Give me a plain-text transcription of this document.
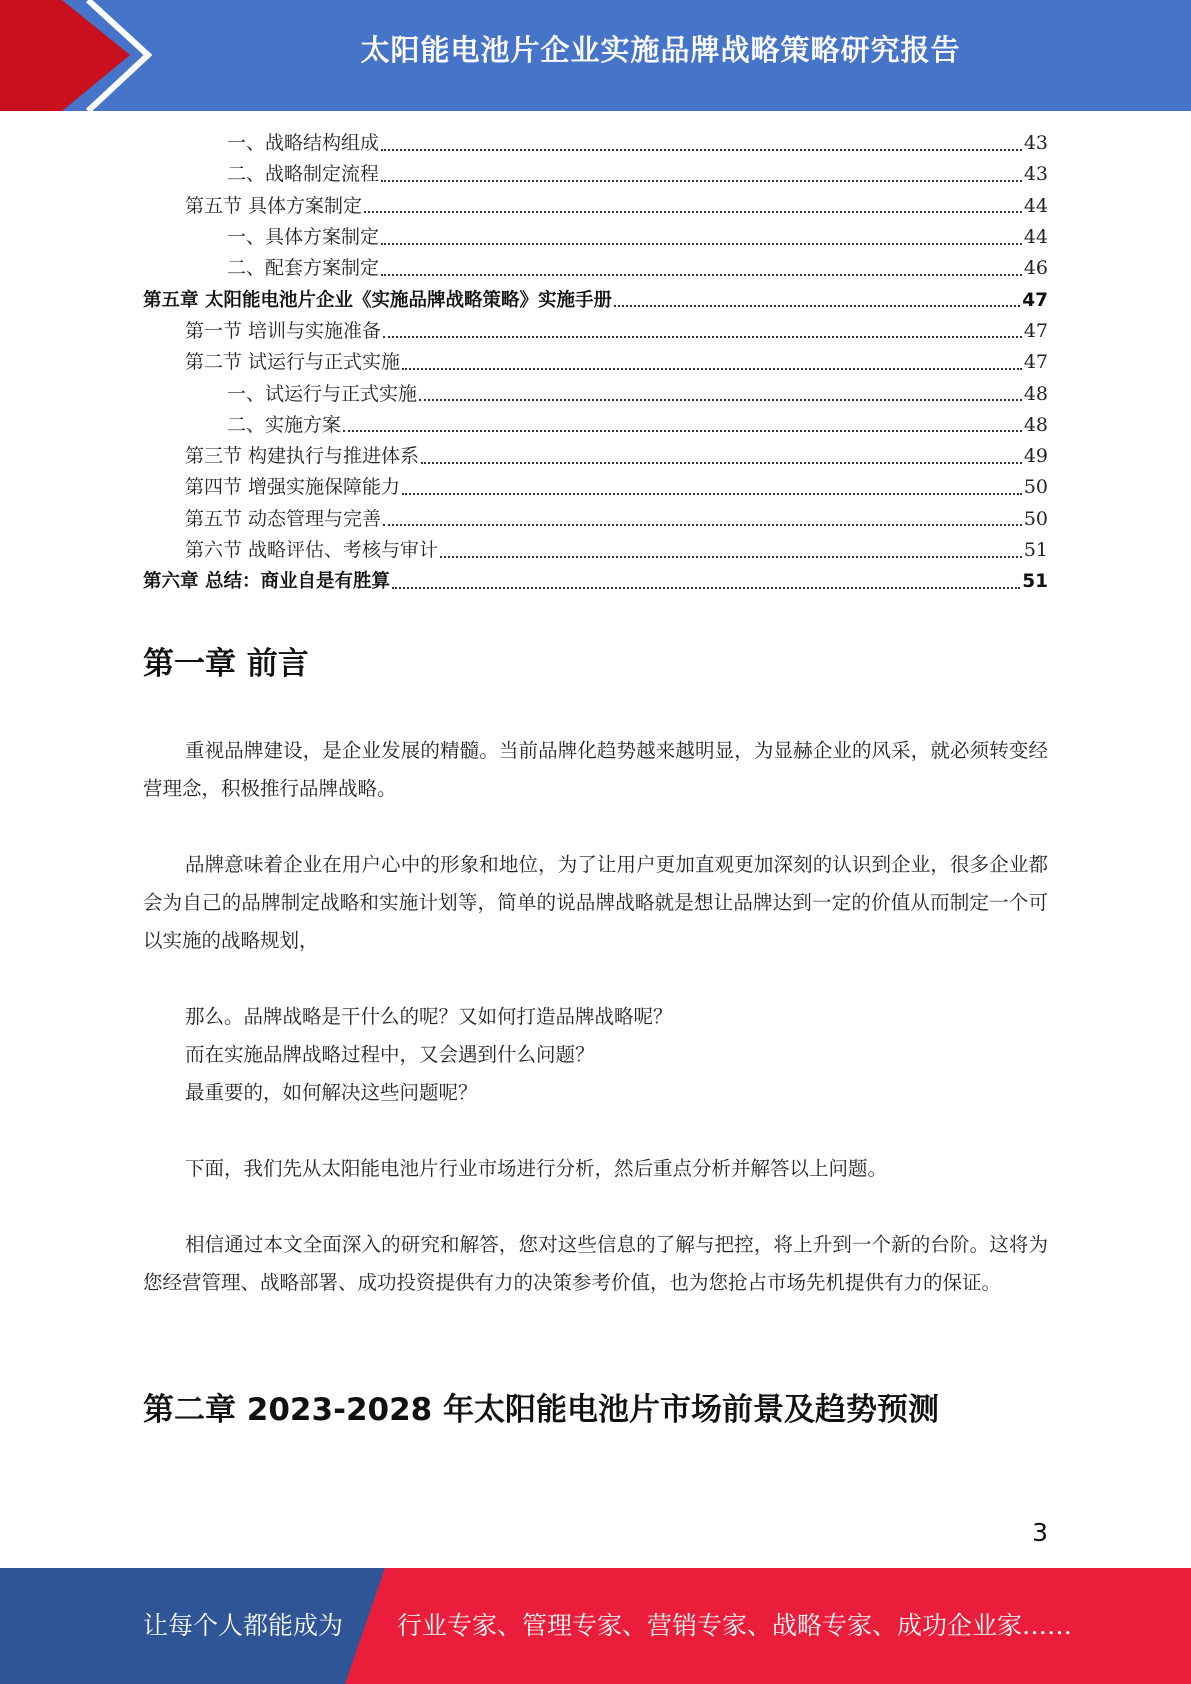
太阳能电池片企业实施品牌战略策略研究报告
一、战略结构组成	43
二、战略制定流程	43
第五节 具体方案制定	44
一、具体方案制定	44
二、配套方案制定	46
第五章 太阳能电池片企业《实施品牌战略策略》实施手册	47
第一节 培训与实施准备	47
第二节 试运行与正式实施	47
一、试运行与正式实施	48
二、实施方案	48
第三节 构建执行与推进体系	49
第四节 增强实施保障能力	50
第五节 动态管理与完善	50
第六节 战略评估、考核与审计	51
第六章 总结：商业自是有胜算	51
第一章 前言
重视品牌建设，是企业发展的精髓。当前品牌化趋势越来越明显，为显赫企业的风采，就必须转变经营理念，积极推行品牌战略。
品牌意味着企业在用户心中的形象和地位，为了让用户更加直观更加深刻的认识到企业，很多企业都会为自己的品牌制定战略和实施计划等，简单的说品牌战略就是想让品牌达到一定的价值从而制定一个可以实施的战略规划，
那么。品牌战略是干什么的呢？又如何打造品牌战略呢？
而在实施品牌战略过程中，又会遇到什么问题？
最重要的，如何解决这些问题呢？
下面，我们先从太阳能电池片行业市场进行分析，然后重点分析并解答以上问题。
相信通过本文全面深入的研究和解答，您对这些信息的了解与把控，将上升到一个新的台阶。这将为您经营管理、战略部署、成功投资提供有力的决策参考价值，也为您抢占市场先机提供有力的保证。
第二章 2023-2028 年太阳能电池片市场前景及趋势预测
3
让每个人都能成为 行业专家、管理专家、营销专家、战略专家、成功企业家……
